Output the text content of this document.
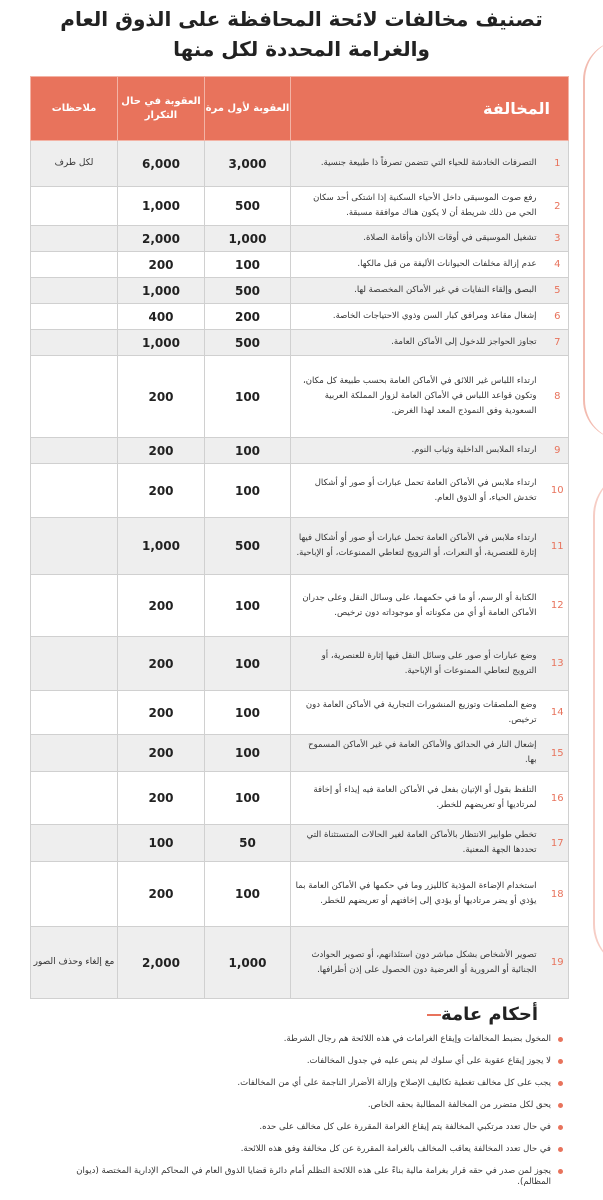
تصنيف مخالفات لائحة المحافظة على الذوق العام
والغرامة المحددة لكل منها
المخالفة		العقوبة لأول مرة	العقوبة في حال التكرار	ملاحظات
1	التصرفات الخادشة للحياء التي تتضمن تصرفاً ذا طبيعة جنسية.	3,000	6,000	لكل طرف
2	رفع صوت الموسيقى داخل الأحياء السكنية إذا اشتكى أحد سكان الحي من ذلك شريطة أن لا يكون هناك موافقة مسبقة.	500	1,000	
3	تشغيل الموسيقى في أوقات الأذان وأقامة الصلاة.	1,000	2,000	
4	عدم إزالة مخلفات الحيوانات الأليفة من قبل مالكها.	100	200	
5	البصق وإلقاء النفايات في غير الأماكن المخصصة لها.	500	1,000	
6	إشغال مقاعد ومرافق كبار السن وذوي الاحتياجات الخاصة.	200	400	
7	تجاوز الحواجز للدخول إلى الأماكن العامة.	500	1,000	
8	ارتداء اللباس غير اللائق في الأماكن العامة بحسب طبيعة كل مكان، وتكون قواعد اللباس في الأماكن العامة لزوار المملكة العربية السعودية وفق النموذج المعد لهذا الغرض.	100	200	
9	ارتداء الملابس الداخلية وثياب النوم.	100	200	
10	ارتداء ملابس في الأماكن العامة تحمل عبارات أو صور أو أشكال تخدش الحياء، أو الذوق العام.	100	200	
11	ارتداء ملابس في الأماكن العامة تحمل عبارات أو صور أو أشكال فيها إثارة للعنصرية، أو النعرات، أو الترويج لتعاطي الممنوعات، أو الإباحية.	500	1,000	
12	الكتابة أو الرسم، أو ما في حكمهما، على وسائل النقل وعلى جدران الأماكن العامة أو أي من مكوناته أو موجوداته دون ترخيص.	100	200	
13	وضع عبارات أو صور على وسائل النقل فيها إثارة للعنصرية، أو الترويج لتعاطي الممنوعات أو الإباحية.	100	200	
14	وضع الملصقات وتوزيع المنشورات التجارية في الأماكن العامة دون ترخيص.	100	200	
15	إشعال النار في الحدائق والأماكن العامة في غير الأماكن المسموح بها.	100	200	
16	التلفظ بقول أو الإتيان بفعل في الأماكن العامة فيه إيذاء أو إخافة لمرتاديها أو تعريضهم للخطر.	100	200	
17	تخطي طوابير الانتظار بالأماكن العامة لغير الحالات المتستثناة التي تحددها الجهة المعنية.	50	100	
18	استخدام الإضاءة المؤذية كالليزر وما في حكمها في الأماكن العامة بما يؤذي أو يضر مرتاديها أو يؤدي إلى إخافتهم أو تعريضهم للخطر.	100	200	
19	تصوير الأشخاص بشكل مباشر دون استئذانهم، أو تصوير الحوادث الجنائية أو المرورية أو العرضية دون الحصول على إذن أطرافها.	1,000	2,000	مع إلغاء وحذف الصور
أحكام عامة
المخول بضبط المخالفات وإيقاع الغرامات في هذه اللائحة هم رجال الشرطة.
لا يجوز إيقاع عقوبة على أي سلوك لم ينص عليه في جدول المخالفات.
يجب على كل مخالف تغطية تكاليف الإصلاح وإزالة الأضرار الناجمة على أي من المخالفات.
يحق لكل متضرر من المخالفة المطالبة بحقه الخاص.
في حال تعدد مرتكبي المخالفة يتم إيقاع الغرامة المقررة على كل مخالف على حده.
في حال تعدد المخالفة يعاقب المخالف بالغرامة المقررة عن كل مخالفة وفق هذه اللائحة.
يجوز لمن صدر في حقه قرار بغرامة مالية بناءً على هذه اللائحة التظلم أمام دائرة قضايا الذوق العام في المحاكم الإدارية المختصة (ديوان المظالم).
